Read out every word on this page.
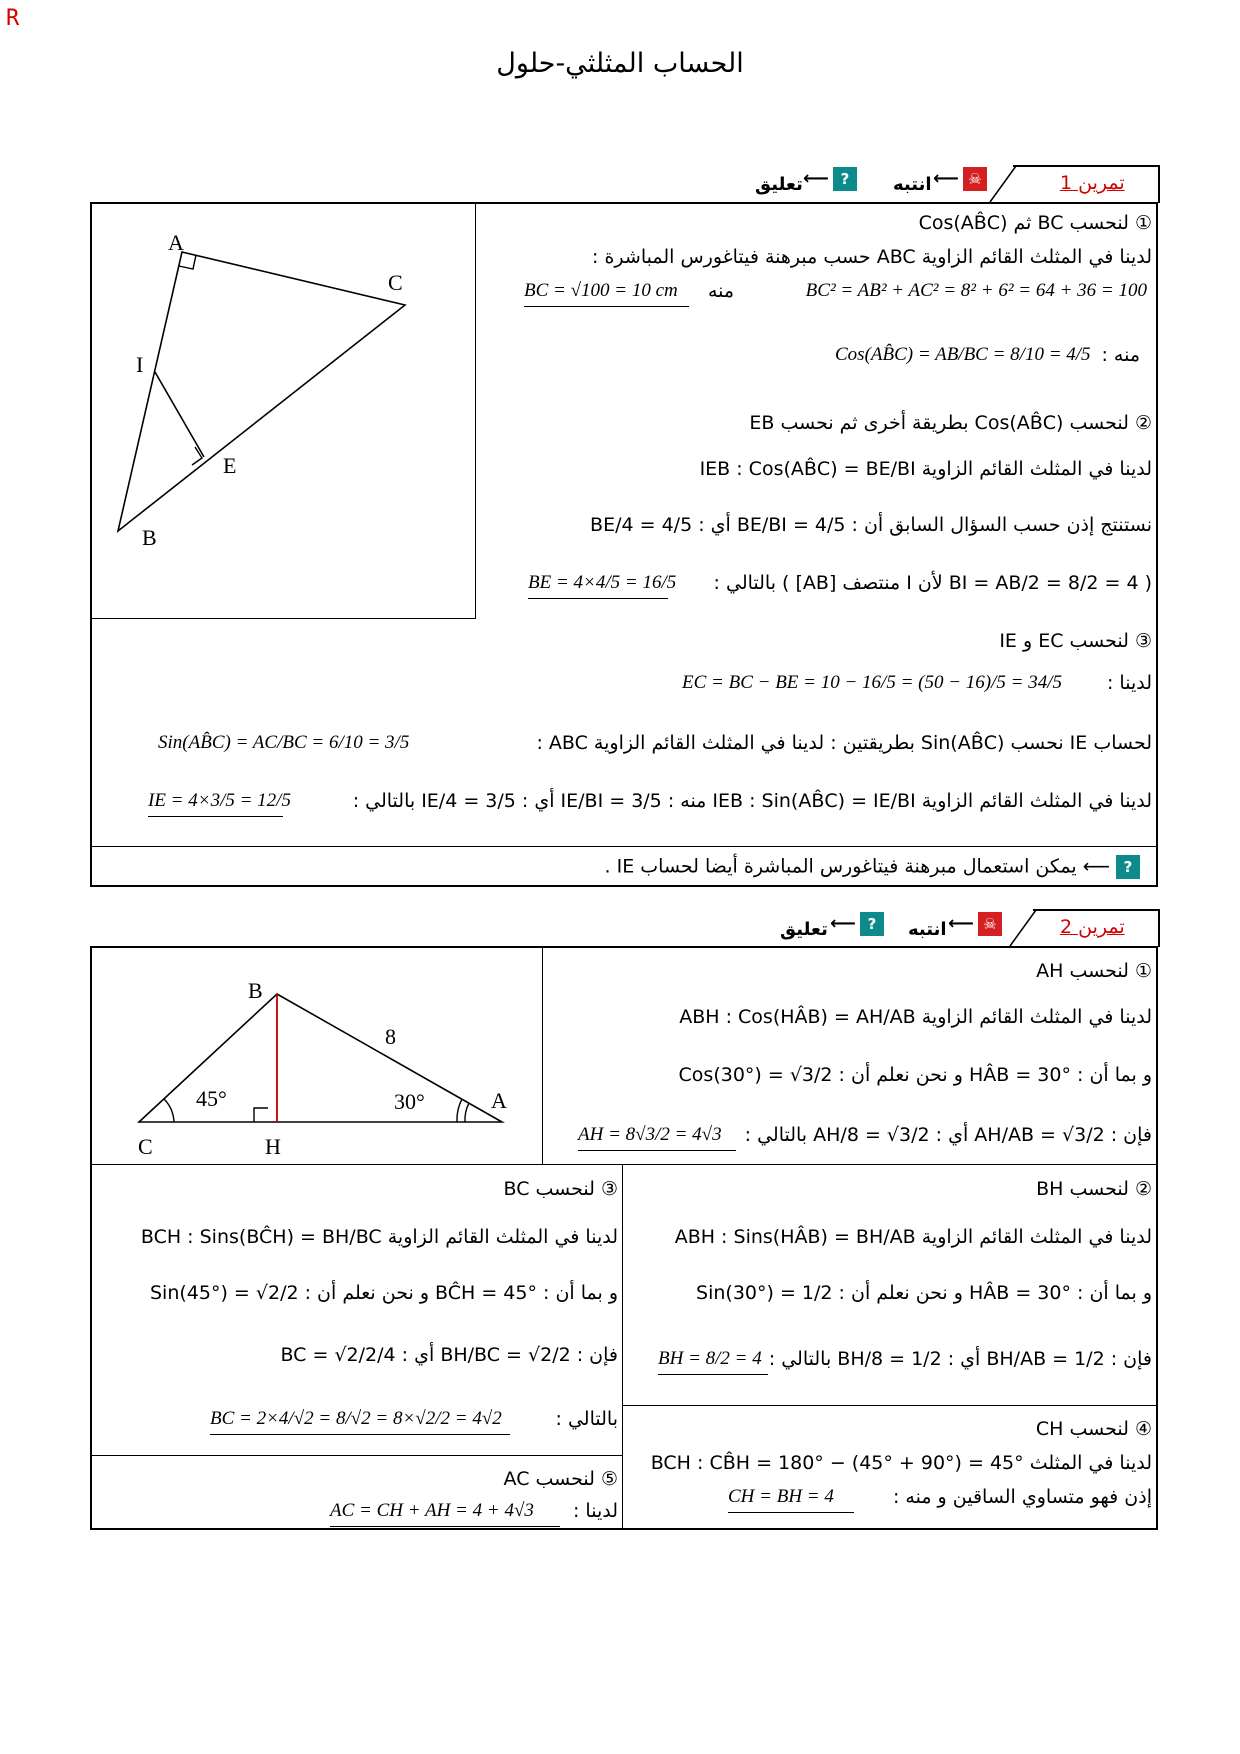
R
الحساب المثلثي-حلول
تمرين 1
☠
⟵
انتبه
?
⟵
تعليق
A
C
I
E
B
① لنحسب BC ثم Cos(AB̂C)
لدينا في المثلث القائم الزاوية ABC حسب مبرهنة فيتاغورس المباشرة :
BC² = AB² + AC² = 8² + 6² = 64 + 36 = 100
منه
BC = √100 = 10 cm
منه :
Cos(AB̂C) = AB/BC = 8/10 = 4/5
② لنحسب Cos(AB̂C) بطريقة أخرى ثم نحسب EB
لدينا في المثلث القائم الزاوية IEB : Cos(AB̂C) = BE/BI
نستنتج إذن حسب السؤال السابق أن : BE/BI = 4/5 أي : BE/4 = 4/5
( BI = AB/2 = 8/2 = 4 لأن I منتصف [AB] ) بالتالي :
BE = 4×4/5 = 16/5
③ لنحسب EC و IE
لدينا :
EC = BC − BE = 10 − 16/5 = (50 − 16)/5 = 34/5
لحساب IE نحسب Sin(AB̂C) بطريقتين : لدينا في المثلث القائم الزاوية ABC :
Sin(AB̂C) = AC/BC = 6/10 = 3/5
لدينا في المثلث القائم الزاوية IEB : Sin(AB̂C) = IE/BI منه : IE/BI = 3/5 أي : IE/4 = 3/5 بالتالي :
IE = 4×3/5 = 12/5
? ⟵ يمكن استعمال مبرهنة فيتاغورس المباشرة أيضا لحساب IE .
تمرين 2
☠
⟵
انتبه
?
⟵
تعليق
B
8
45°	30°	A
C	H
① لنحسب AH
لدينا في المثلث القائم الزاوية ABH : Cos(HÂB) = AH/AB
و بما أن : HÂB = 30° و نحن نعلم أن : Cos(30°) = √3/2
فإن : AH/AB = √3/2 أي : AH/8 = √3/2 بالتالي :
AH = 8√3/2 = 4√3
② لنحسب BH
لدينا في المثلث القائم الزاوية ABH : Sins(HÂB) = BH/AB
و بما أن : HÂB = 30° و نحن نعلم أن : Sin(30°) = 1/2
فإن : BH/AB = 1/2 أي : BH/8 = 1/2 بالتالي :
BH = 8/2 = 4
③ لنحسب BC
لدينا في المثلث القائم الزاوية BCH : Sins(BĈH) = BH/BC
و بما أن : BĈH = 45° و نحن نعلم أن : Sin(45°) = √2/2
فإن : BH/BC = √2/2 أي : 4/BC = √2/2
بالتالي :
BC = 2×4/√2 = 8/√2 = 8×√2/2 = 4√2	④ لنحسب CH
لدينا في المثلث BCH : CB̂H = 180° − (45° + 90°) = 45°
إذن فهو متساوي الساقين و منه :
CH = BH = 4
⑤ لنحسب AC
لدينا :
AC = CH + AH = 4 + 4√3
